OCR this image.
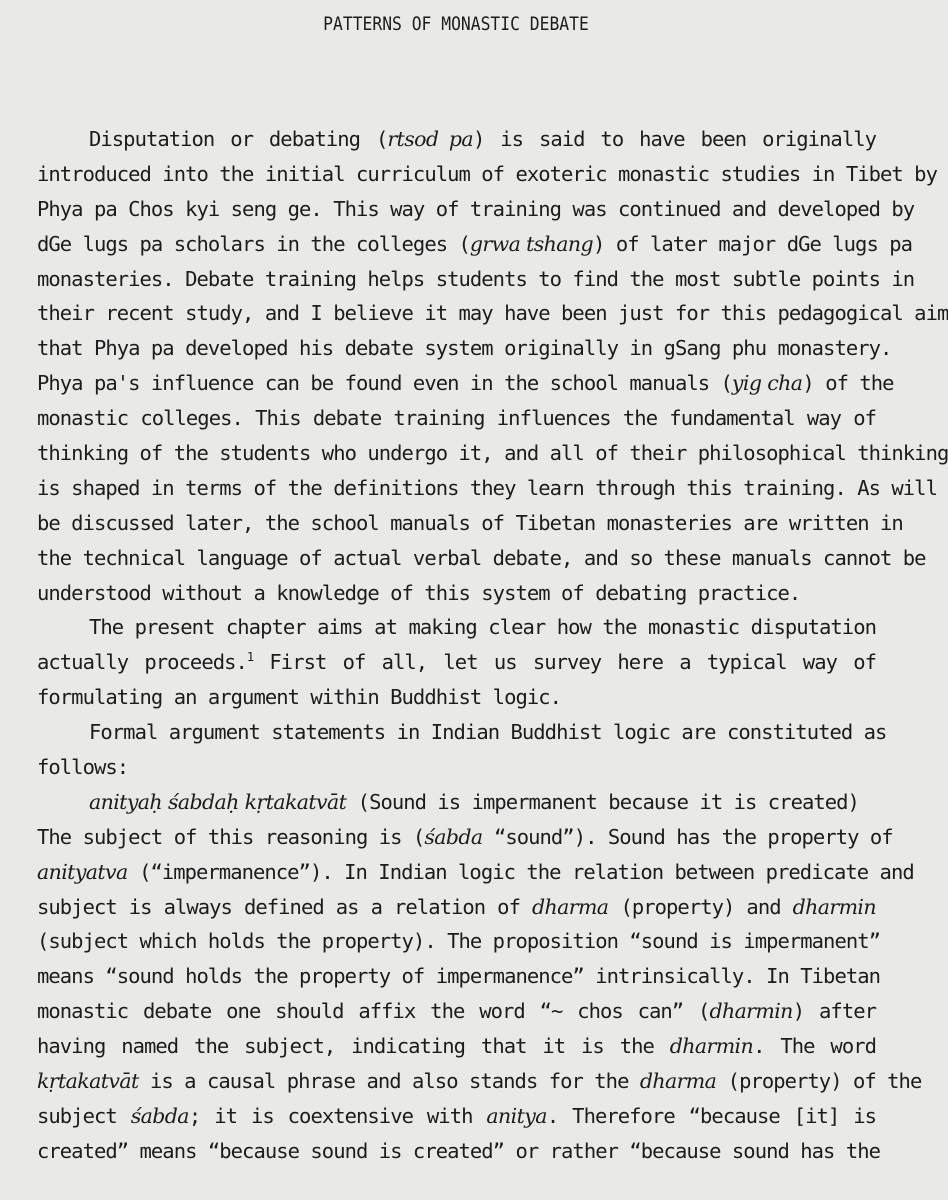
PATTERNS OF MONASTIC DEBATE
Disputation or debating (rtsod pa) is said to have been originally
introduced into the initial curriculum of exoteric monastic studies in Tibet by
Phya pa Chos kyi seng ge. This way of training was continued and developed by
dGe lugs pa scholars in the colleges (grwa tshang) of later major dGe lugs pa
monasteries. Debate training helps students to find the most subtle points in
their recent study, and I believe it may have been just for this pedagogical aim
that Phya pa developed his debate system originally in gSang phu monastery.
Phya pa's influence can be found even in the school manuals (yig cha) of the
monastic colleges. This debate training influences the fundamental way of
thinking of the students who undergo it, and all of their philosophical thinking
is shaped in terms of the definitions they learn through this training. As will
be discussed later, the school manuals of Tibetan monasteries are written in
the technical language of actual verbal debate, and so these manuals cannot be
understood without a knowledge of this system of debating practice.
The present chapter aims at making clear how the monastic disputation
actually proceeds.$^1$ First of all, let us survey here a typical way of
formulating an argument within Buddhist logic.
Formal argument statements in Indian Buddhist logic are constituted as
follows:
anityaḥ śabdaḥ kṛtakatvāt (Sound is impermanent because it is created)
The subject of this reasoning is (śabda “sound”). Sound has the property of
anityatva (“impermanence”). In Indian logic the relation between predicate and
subject is always defined as a relation of dharma (property) and dharmin
(subject which holds the property). The proposition “sound is impermanent”
means “sound holds the property of impermanence” intrinsically. In Tibetan
monastic debate one should affix the word “∼ chos can” (dharmin) after
having named the subject, indicating that it is the dharmin. The word
kṛtakatvāt is a causal phrase and also stands for the dharma (property) of the
subject śabda; it is coextensive with anitya. Therefore “because [it] is
created” means “because sound is created” or rather “because sound has the
